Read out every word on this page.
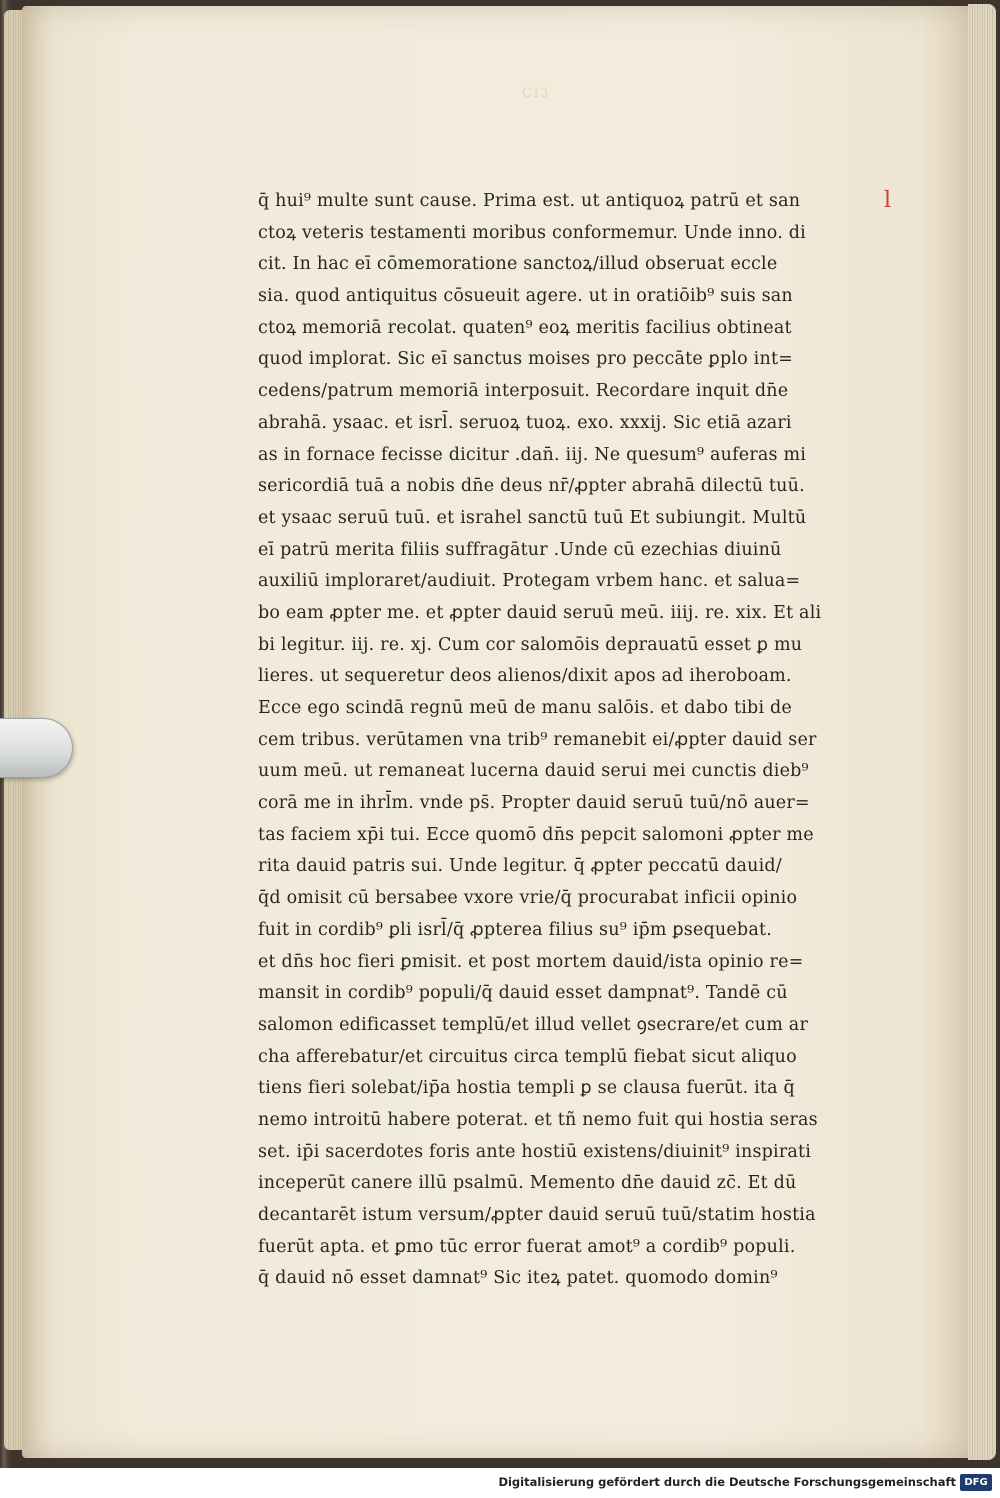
Cl3
l
q̄ hui⁹ multe sunt cause. Prima est. ut antiquoꝝ patrū et san
ctoꝝ veteris testamenti moribus conformemur. Unde inno. di
cit. In hac eī cōmemoratione sanctoꝝ/illud obseruat eccle
sia. quod antiquitus cōsueuit agere. ut in oratiōib⁹ suis san
ctoꝝ memoriā recolat. quaten⁹ eoꝝ meritis facilius obtineat
quod implorat. Sic eī sanctus moises pro peccāte ꝑplo int=
cedens/patrum memoriā interposuit. Recordare inquit dn̄e
abrahā. ysaac. et isrl̄. seruoꝝ tuoꝝ. exo. xxxij. Sic etiā azari
as in fornace fecisse dicitur .dan̄. iij. Ne quesum⁹ auferas mi
sericordiā tuā a nobis dn̄e deus nr̄/ꝓpter abrahā dilectū tuū.
et ysaac seruū tuū. et israhel sanctū tuū Et subiungit. Multū
eī patrū merita filiis suffragātur .Unde cū ezechias diuinū
auxiliū imploraret/audiuit. Protegam vrbem hanc. et salua=
bo eam ꝓpter me. et ꝓpter dauid seruū meū. iiij. re. xix. Et ali
bi legitur. iij. re. xj. Cum cor salomōis deprauatū esset ꝑ mu
lieres. ut sequeretur deos alienos/dixit apos ad iheroboam.
Ecce ego scindā regnū meū de manu salōis. et dabo tibi de
cem tribus. verūtamen vna trib⁹ remanebit ei/ꝓpter dauid ser
uum meū. ut remaneat lucerna dauid serui mei cunctis dieb⁹
corā me in ihrl̄m. vnde ps̄. Propter dauid seruū tuū/nō auer=
tas faciem xp̄i tui. Ecce quomō dn̄s pepcit salomoni ꝓpter me
rita dauid patris sui. Unde legitur. q̄ ꝓpter peccatū dauid/
q̄d omisit cū bersabee vxore vrie/q̄ procurabat inficii opinio
fuit in cordib⁹ ꝑli isrl̄/q̄ ꝓpterea filius su⁹ ip̄m ꝑsequebat.
et dn̄s hoc fieri ꝑmisit. et post mortem dauid/ista opinio re=
mansit in cordib⁹ populi/q̄ dauid esset dampnat⁹. Tandē cū
salomon edificasset templū/et illud vellet ꝯsecrare/et cum ar
cha afferebatur/et circuitus circa templū fiebat sicut aliquo
tiens fieri solebat/ip̄a hostia templi ꝑ se clausa fuerūt. ita q̄
nemo introitū habere poterat. et tñ nemo fuit qui hostia seras
set. ip̄i sacerdotes foris ante hostiū existens/diuinit⁹ inspirati
inceperūt canere illū psalmū. Memento dn̄e dauid zc̄. Et dū
decantarēt istum versum/ꝓpter dauid seruū tuū/statim hostia
fuerūt apta. et ꝑmo tūc error fuerat amot⁹ a cordib⁹ populi.
q̄ dauid nō esset damnat⁹ Sic iteꝝ patet. quomodo domin⁹
Digitalisierung gefördert durch die Deutsche Forschungsgemeinschaft DFG
